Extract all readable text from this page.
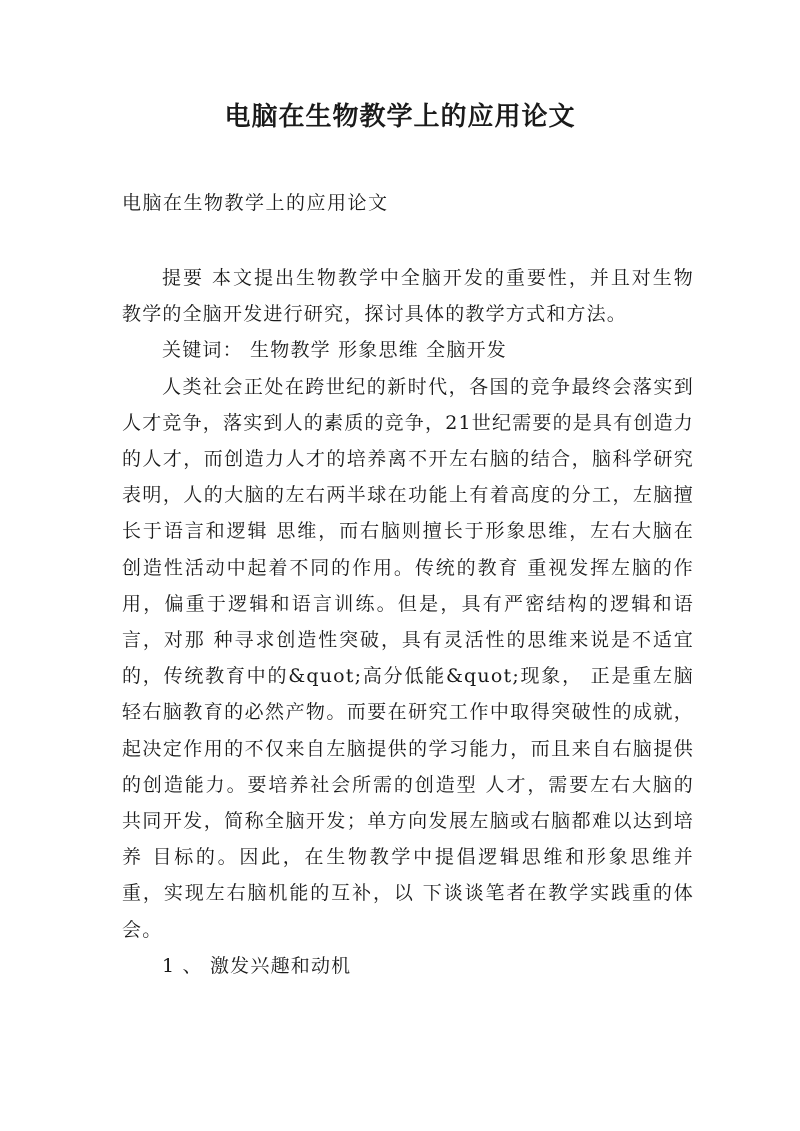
电脑在生物教学上的应用论文

电脑在生物教学上的应用论文

提要 本文提出生物教学中全脑开发的重要性，并且对生物教学的全脑开发进行研究，探讨具体的教学方式和方法。

关键词： 生物教学 形象思维 全脑开发

人类社会正处在跨世纪的新时代，各国的竞争最终会落实到人才竞争，落实到人的素质的竞争，21世纪需要的是具有创造力的人才，而创造力人才的培养离不开左右脑的结合，脑科学研究表明，人的大脑的左右两半球在功能上有着高度的分工，左脑擅长于语言和逻辑 思维，而右脑则擅长于形象思维，左右大脑在创造性活动中起着不同的作用。传统的教育 重视发挥左脑的作用，偏重于逻辑和语言训练。但是，具有严密结构的逻辑和语言，对那 种寻求创造性突破，具有灵活性的思维来说是不适宜的，传统教育中的&quot;高分低能&quot;现象， 正是重左脑轻右脑教育的必然产物。而要在研究工作中取得突破性的成就，起决定作用的不仅来自左脑提供的学习能力，而且来自右脑提供的创造能力。要培养社会所需的创造型 人才，需要左右大脑的共同开发，简称全脑开发；单方向发展左脑或右脑都难以达到培养 目标的。因此，在生物教学中提倡逻辑思维和形象思维并重，实现左右脑机能的互补，以 下谈谈笔者在教学实践重的体会。

1 、 激发兴趣和动机
